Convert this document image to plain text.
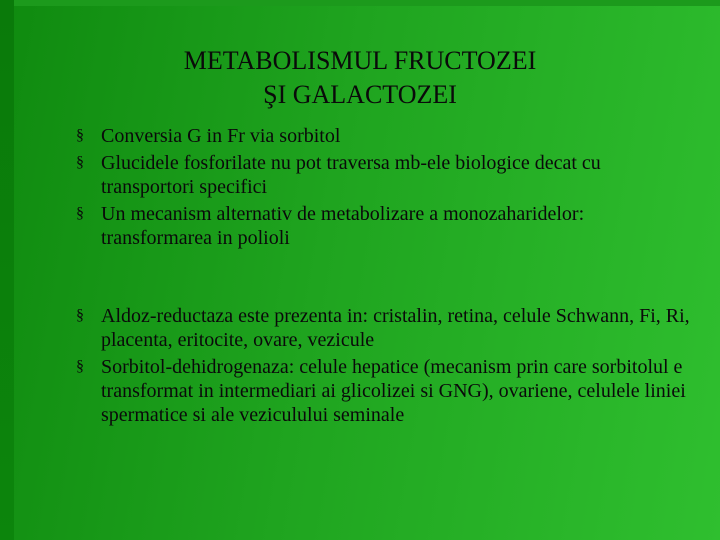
METABOLISMUL FRUCTOZEI
ŞI GALACTOZEI
§ Conversia G in Fr via sorbitol
§ Glucidele fosforilate nu pot traversa mb-ele biologice decat cu transportori specifici
§ Un mecanism alternativ de metabolizare a monozaharidelor: transformarea in polioli
§ Aldoz-reductaza este prezenta in: cristalin, retina, celule Schwann, Fi, Ri, placenta, eritocite, ovare, vezicule
§ Sorbitol-dehidrogenaza: celule hepatice (mecanism prin care sorbitolul e transformat in intermediari ai glicolizei si GNG), ovariene, celulele liniei spermatice si ale veziculului seminale
